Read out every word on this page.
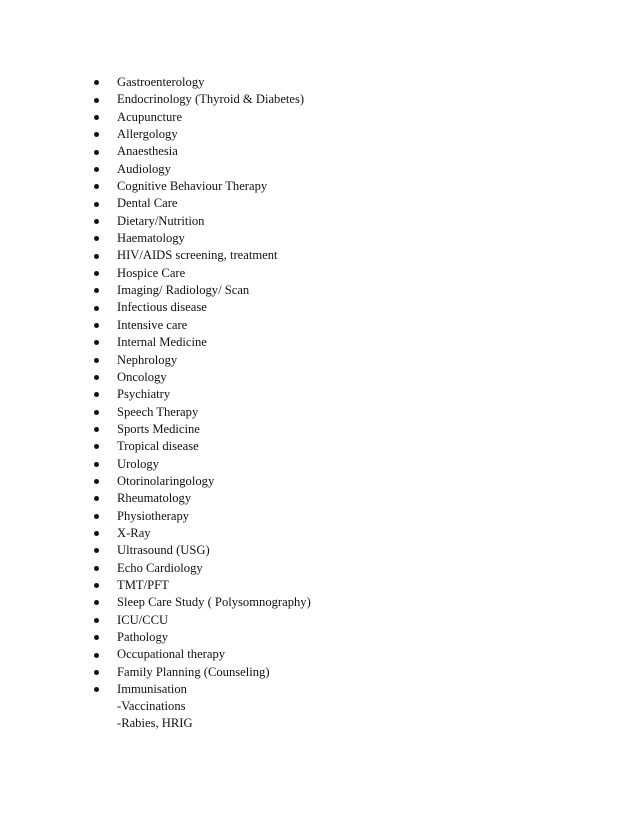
Gastroenterology
Endocrinology (Thyroid & Diabetes)
Acupuncture
Allergology
Anaesthesia
Audiology
Cognitive Behaviour Therapy
Dental Care
Dietary/Nutrition
Haematology
HIV/AIDS screening, treatment
Hospice Care
Imaging/ Radiology/ Scan
Infectious disease
Intensive care
Internal Medicine
Nephrology
Oncology
Psychiatry
Speech Therapy
Sports Medicine
Tropical disease
Urology
Otorinolaringology
Rheumatology
Physiotherapy
X-Ray
Ultrasound (USG)
Echo Cardiology
TMT/PFT
Sleep Care Study ( Polysomnography)
ICU/CCU
Pathology
Occupational therapy
Family Planning (Counseling)
Immunisation
-Vaccinations
-Rabies, HRIG
